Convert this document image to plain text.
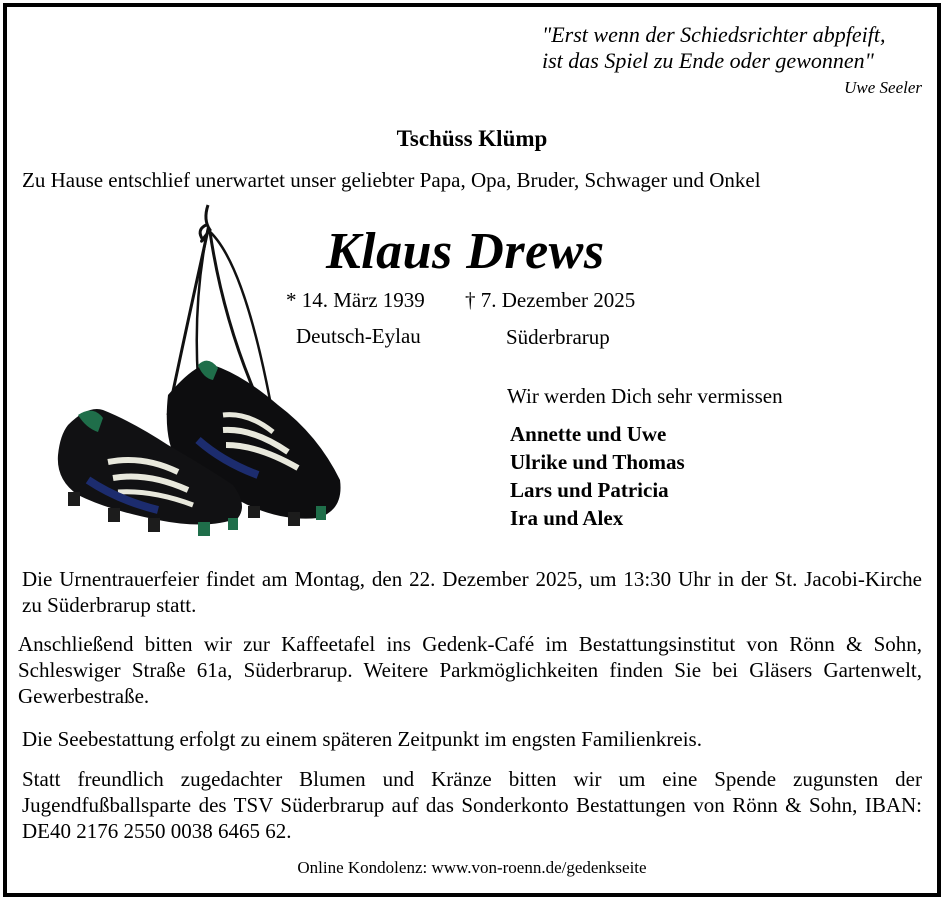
"Erst wenn der Schiedsrichter abpfeift,
ist das Spiel zu Ende oder gewonnen"
Uwe Seeler
Tschüss Klümp
Zu Hause entschlief unerwartet unser geliebter Papa, Opa, Bruder, Schwager und Onkel
Klaus Drews
* 14. März 1939 † 7. Dezember 2025
Deutsch-Eylau	Süderbrarup
Wir werden Dich sehr vermissen
Annette und Uwe
Ulrike und Thomas
Lars und Patricia
Ira und Alex
Die Urnentrauerfeier findet am Montag, den 22. Dezember 2025, um 13:30 Uhr in der St. Jacobi-Kirche zu Süderbrarup statt.
Anschließend bitten wir zur Kaffeetafel ins Gedenk-Café im Bestattungsinstitut von Rönn & Sohn, Schleswiger Straße 61a, Süderbrarup. Weitere Parkmöglichkeiten finden Sie bei Gläsers Gartenwelt, Gewerbestraße.
Die Seebestattung erfolgt zu einem späteren Zeitpunkt im engsten Familienkreis.
Statt freundlich zugedachter Blumen und Kränze bitten wir um eine Spende zugunsten der Jugendfußballsparte des TSV Süderbrarup auf das Sonderkonto Bestattungen von Rönn & Sohn, IBAN: DE40 2176 2550 0038 6465 62.
Online Kondolenz: www.von-roenn.de/gedenkseite
